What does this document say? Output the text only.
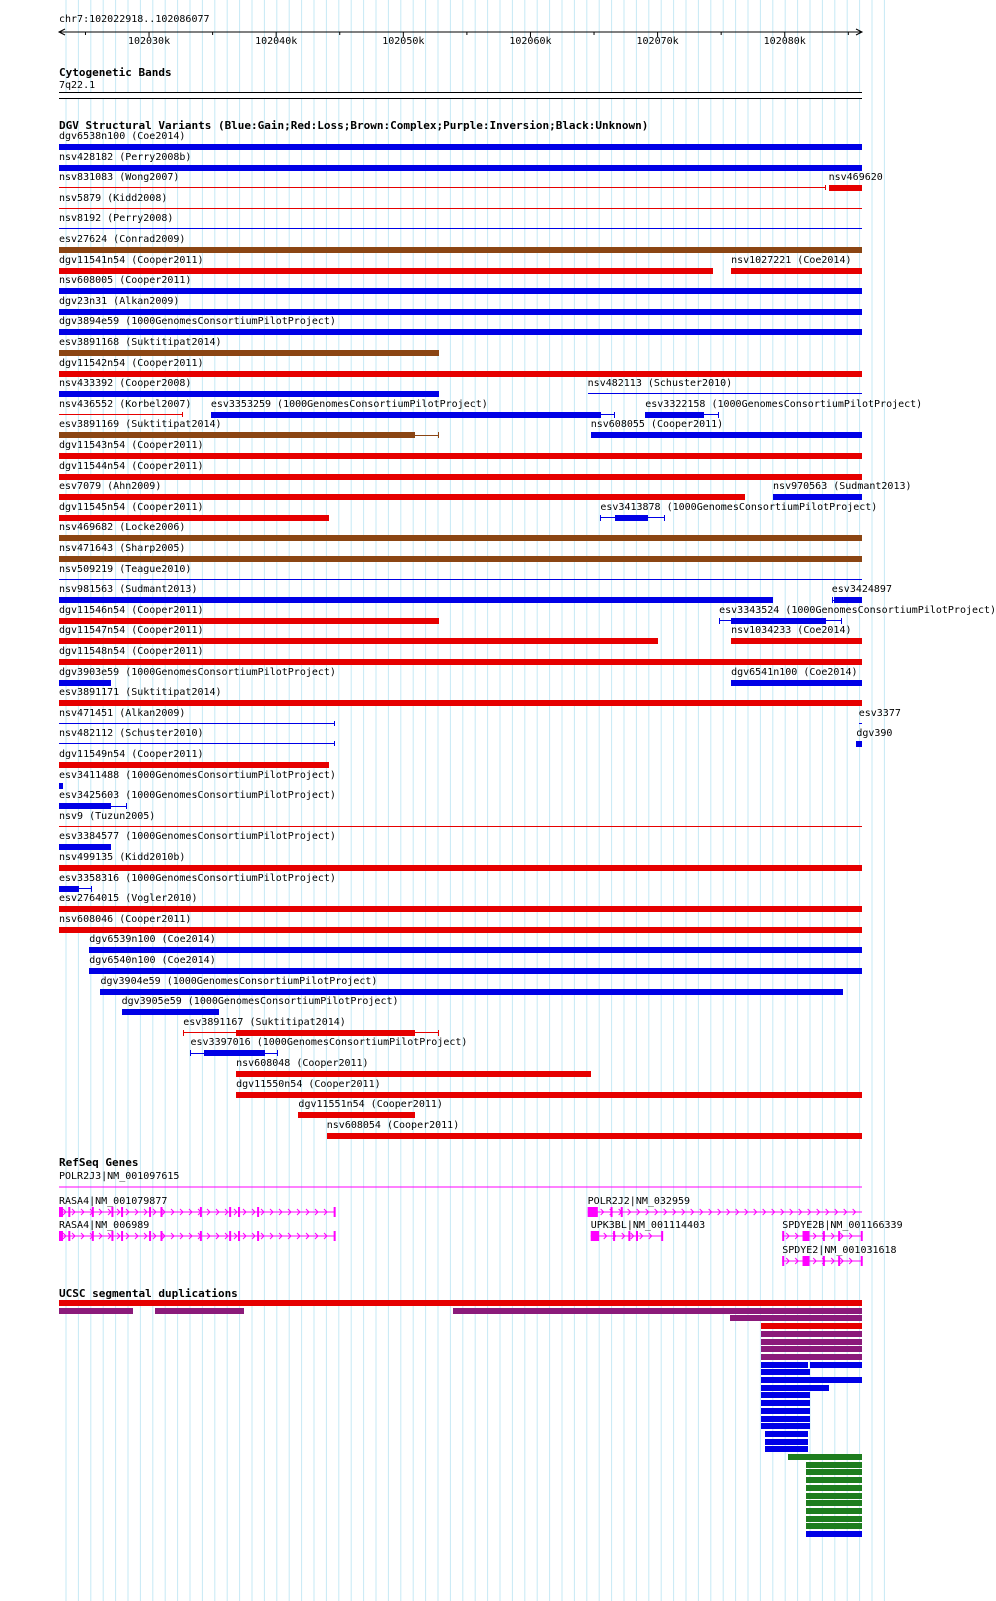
chr7:102022918..102086077
102030k	102040k	102050k	102060k	102070k	102080k
Cytogenetic Bands
7q22.1
DGV Structural Variants (Blue:Gain;Red:Loss;Brown:Complex;Purple:Inversion;Black:Unknown)
RefSeq Genes
UCSC segmental duplications
dgv6538n100 (Coe2014)
nsv428182 (Perry2008b)
nsv831083 (Wong2007)	nsv469620
nsv5879 (Kidd2008)
nsv8192 (Perry2008)
esv27624 (Conrad2009)
dgv11541n54 (Cooper2011)	nsv1027221 (Coe2014)
nsv608005 (Cooper2011)
dgv23n31 (Alkan2009)
dgv3894e59 (1000GenomesConsortiumPilotProject)
esv3891168 (Suktitipat2014)
dgv11542n54 (Cooper2011)
nsv433392 (Cooper2008)	nsv482113 (Schuster2010)
nsv436552 (Korbel2007) esv3353259 (1000GenomesConsortiumPilotProject)	esv3322158 (1000GenomesConsortiumPilotProject)
esv3891169 (Suktitipat2014)	nsv608055 (Cooper2011)
dgv11543n54 (Cooper2011)
dgv11544n54 (Cooper2011)
esv7079 (Ahn2009)	nsv970563 (Sudmant2013)
dgv11545n54 (Cooper2011)	esv3413878 (1000GenomesConsortiumPilotProject)
nsv469682 (Locke2006)
nsv471643 (Sharp2005)
nsv509219 (Teague2010)
nsv981563 (Sudmant2013)	esv3424897
dgv11546n54 (Cooper2011)	esv3343524 (1000GenomesConsortiumPilotProject)
dgv11547n54 (Cooper2011)	nsv1034233 (Coe2014)
dgv11548n54 (Cooper2011)
dgv3903e59 (1000GenomesConsortiumPilotProject)	dgv6541n100 (Coe2014)
esv3891171 (Suktitipat2014)
nsv471451 (Alkan2009)	esv3377
nsv482112 (Schuster2010)	dgv390
dgv11549n54 (Cooper2011)
esv3411488 (1000GenomesConsortiumPilotProject)
esv3425603 (1000GenomesConsortiumPilotProject)
nsv9 (Tuzun2005)
esv3384577 (1000GenomesConsortiumPilotProject)
nsv499135 (Kidd2010b)
esv3358316 (1000GenomesConsortiumPilotProject)
esv2764015 (Vogler2010)
nsv608046 (Cooper2011)
dgv6539n100 (Coe2014)
dgv6540n100 (Coe2014)
dgv3904e59 (1000GenomesConsortiumPilotProject)
dgv3905e59 (1000GenomesConsortiumPilotProject)
esv3891167 (Suktitipat2014)
esv3397016 (1000GenomesConsortiumPilotProject)
nsv608048 (Cooper2011)
dgv11550n54 (Cooper2011)
dgv11551n54 (Cooper2011)
nsv608054 (Cooper2011)
POLR2J3|NM_001097615
RASA4|NM_001079877
RASA4|NM_006989
POLR2J2|NM_032959
UPK3BL|NM_001114403	SPDYE2B|NM_001166339
SPDYE2|NM_001031618
